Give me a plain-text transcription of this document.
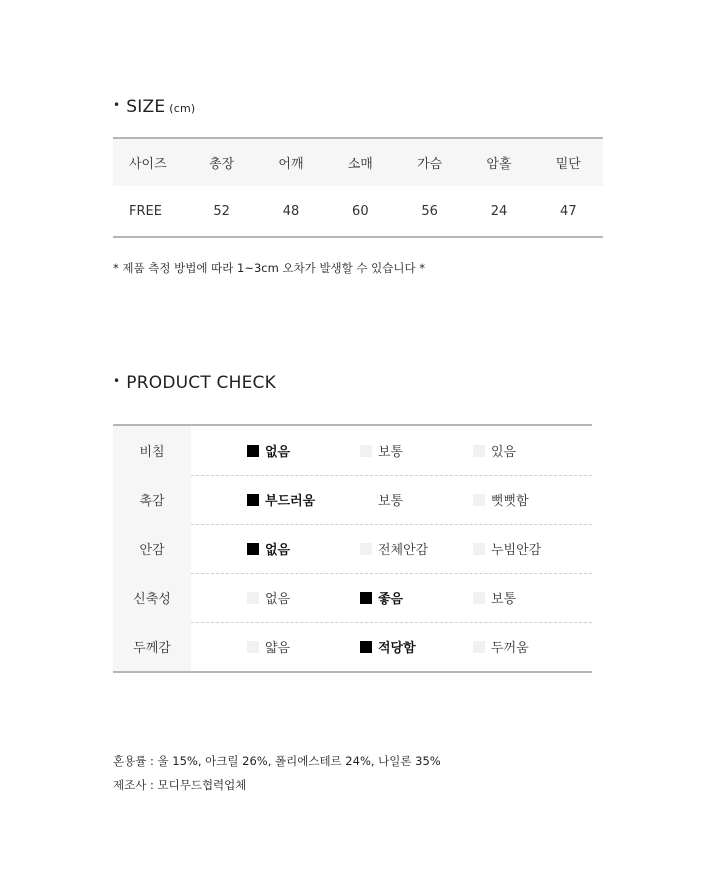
• SIZE (cm)
사이즈	총장	어깨	소매	가슴	암홀	밑단
FREE	52	48	60	56	24	47
* 제품 측정 방법에 따라 1~3cm 오차가 발생할 수 있습니다 *
• PRODUCT CHECK
비침	없음	보통	있음
촉감	부드러움	보통	뻣뻣함
안감	없음	전체안감	누빔안감
신축성	없음	좋음	보통
두께감	얇음	적당함	두꺼움
혼용률 : 울 15%, 아크릴 26%, 폴리에스테르 24%, 나일론 35%
제조사 : 모디무드협력업체
